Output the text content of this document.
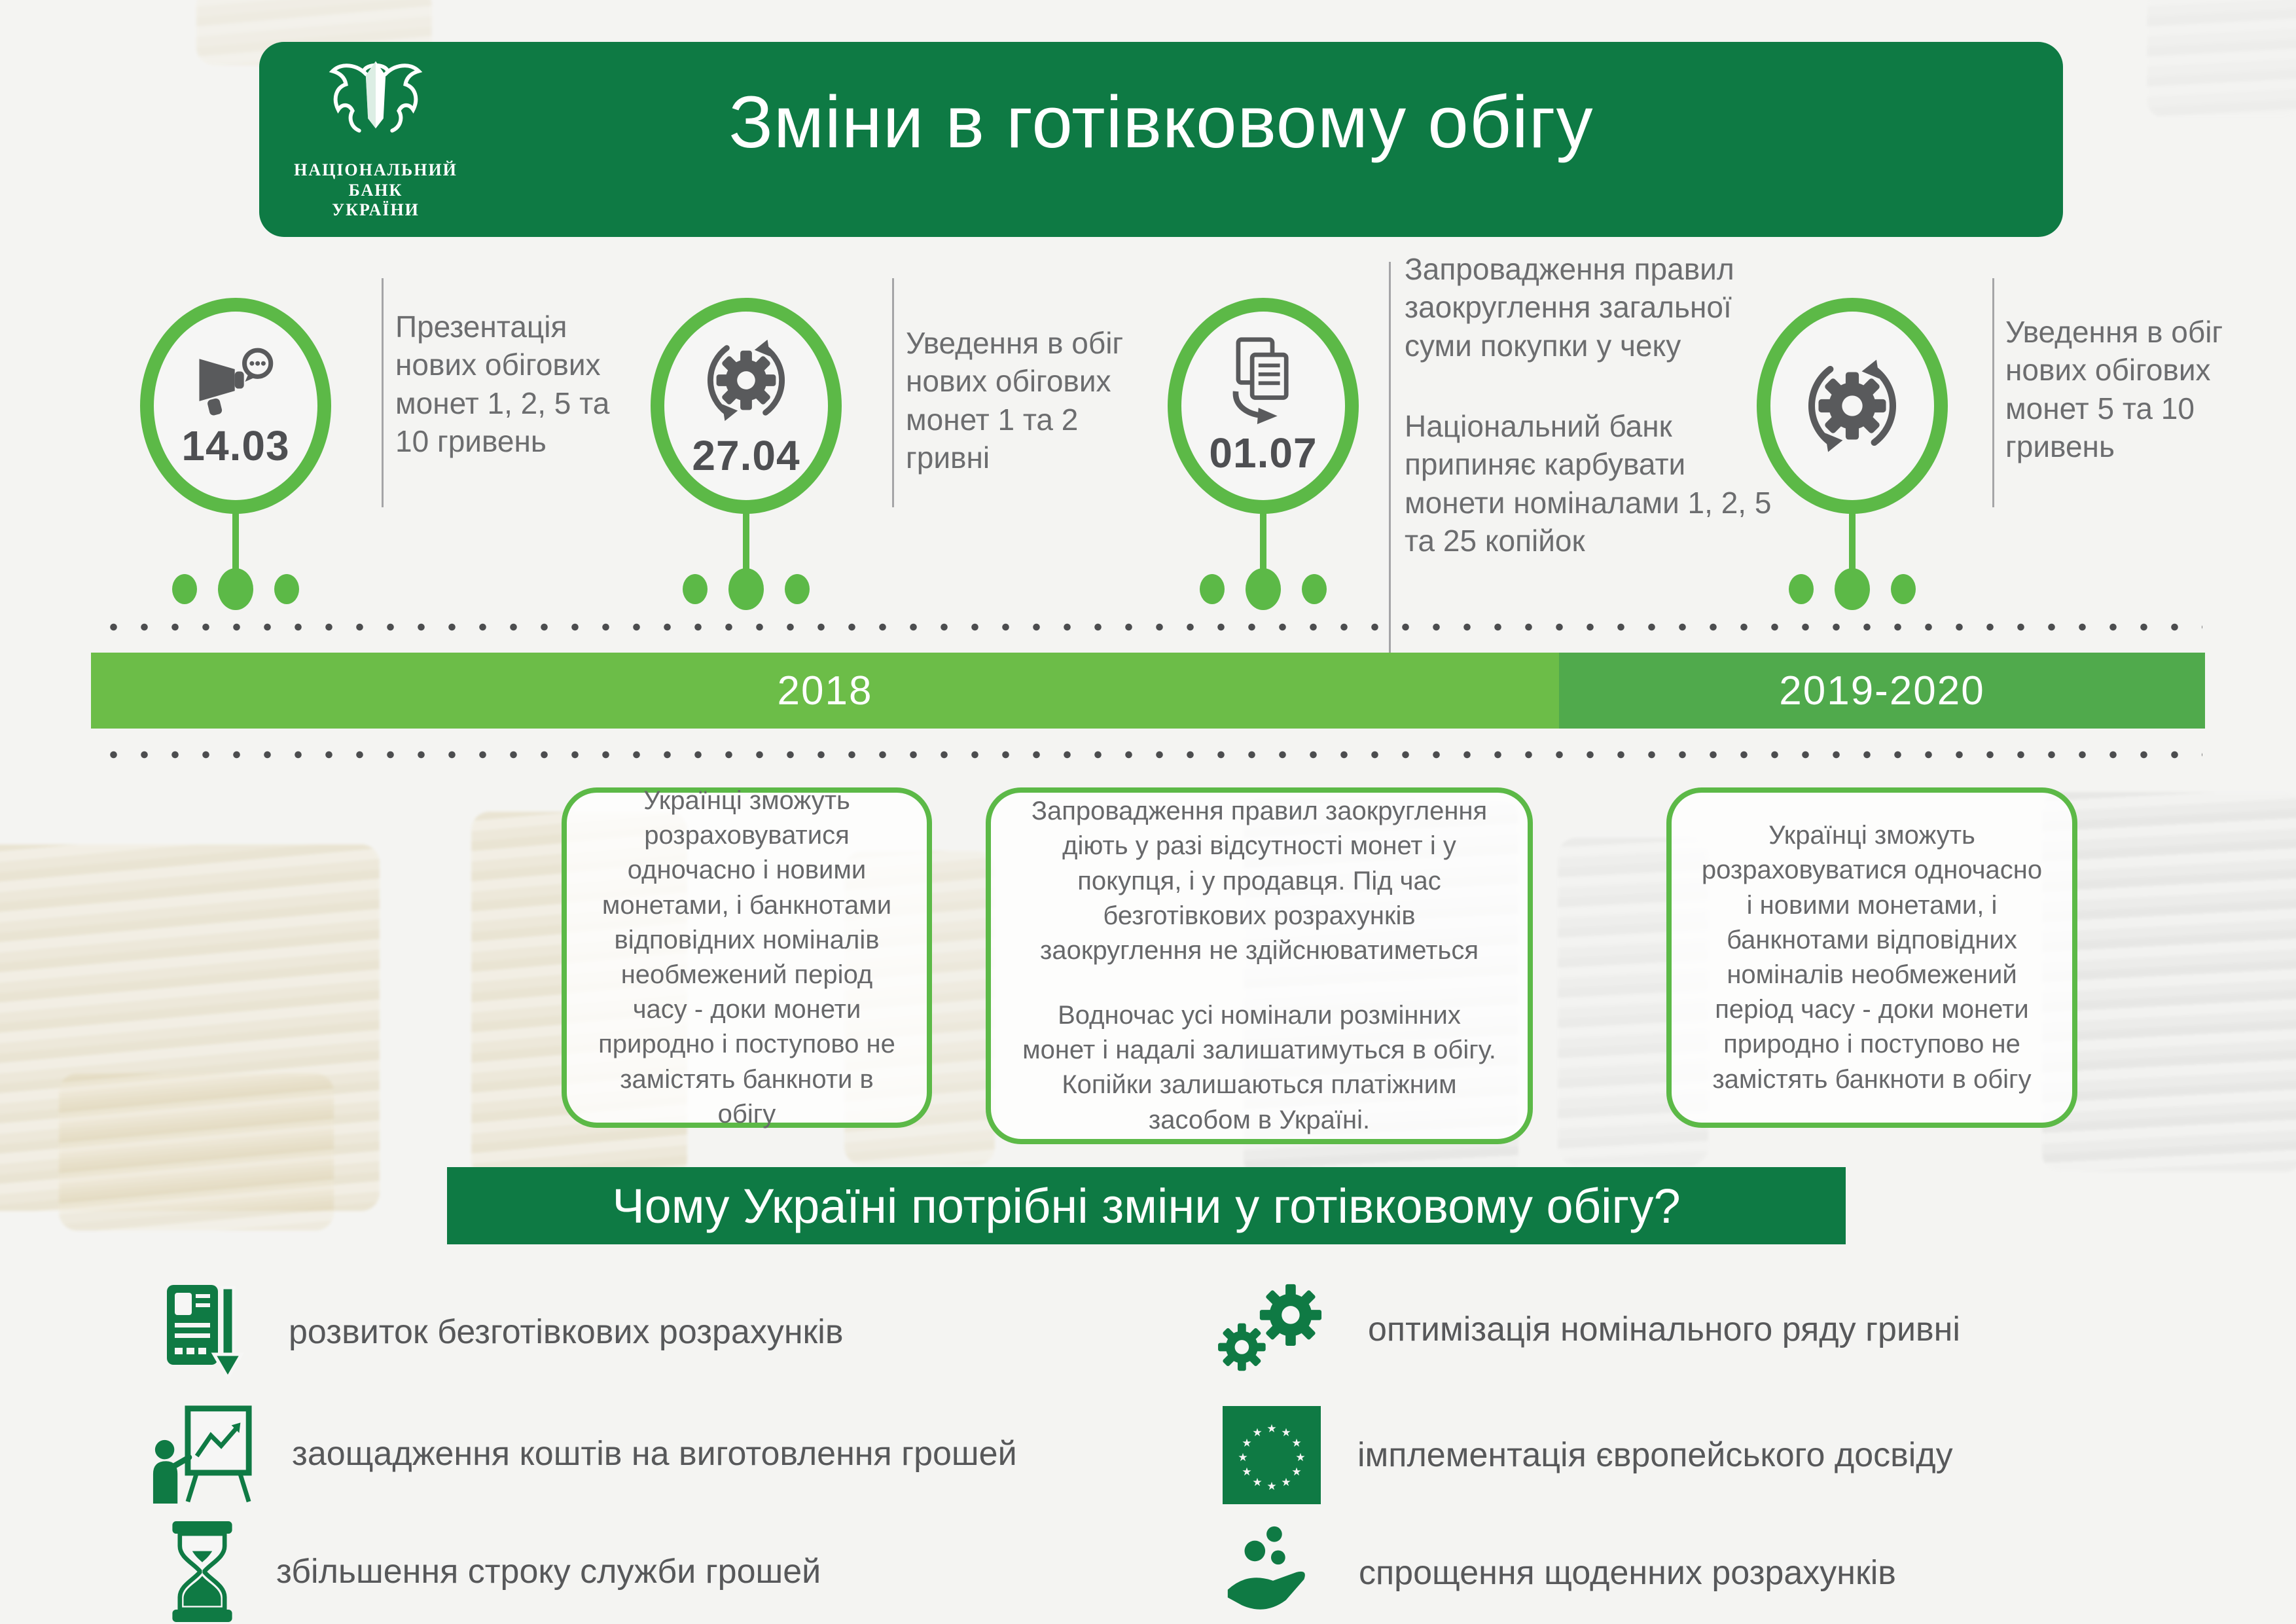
НАЦІОНАЛЬНИЙ
БАНК
УКРАЇНИ
Зміни в готівковому обігу
14.03
Презентація нових обігових монет 1, 2, 5 та 10 гривень	27.04
Уведення в обіг нових обігових монет 1 та 2 гривні	01.07
Запровадження правил заокруглення загальної суми покупки у чеку
Національний банк припиняє карбувати монети номіналами 1, 2, 5 та 25 копійок
Уведення в обіг нових обігових монет 5 та 10 гривень
2018	2019-2020

Українці зможуть розраховуватися одночасно і новими монетами, і банкнотами відповідних номіналів необмежений період часу - доки монети природно і поступово не замістять банкноти в обігу

Запровадження правил заокруглення діють у разі відсутності монет і у покупця, і у продавця. Під час безготівкових розрахунків заокруглення не здійснюватиметься

Водночас усі номінали розмінних монет і надалі залишатимуться в обігу. Копійки залишаються платіжним засобом в Україні.

Українці зможуть розраховуватися одночасно і новими монетами, і банкнотами відповідних номіналів необмежений період часу - доки монети природно і поступово не замістять банкноти в обігу

Чому Україні потрібні зміни у готівковому обігу?
розвиток безготівкових розрахунків
заощадження коштів на виготовлення грошей
збільшення строку служби грошей
оптимізація номінального ряду гривні
імплементація європейського досвіду
спрощення щоденних розрахунків
